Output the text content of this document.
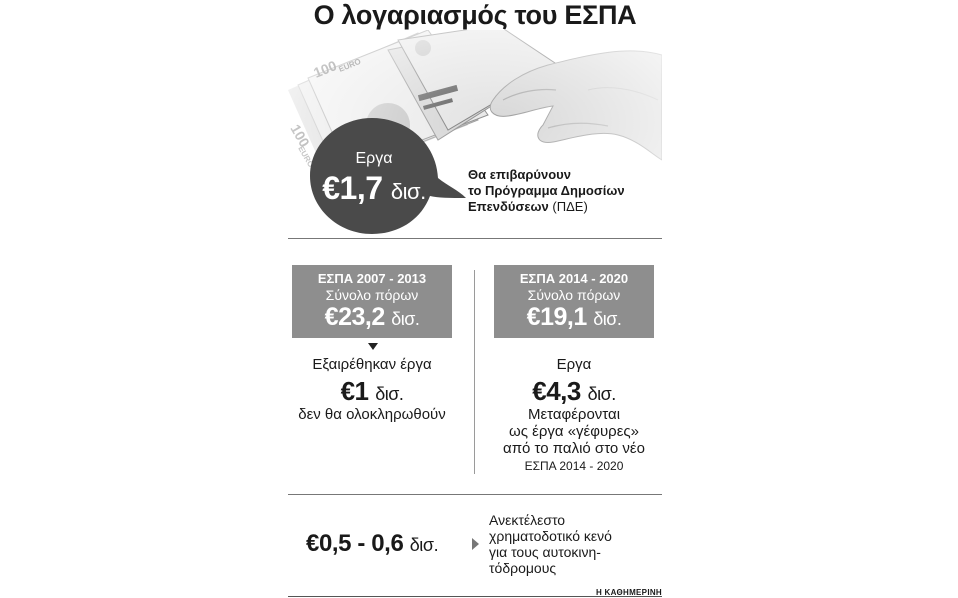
Ο λογαριασμός του ΕΣΠΑ
Εργα
€1,7 δισ.
Θα επιβαρύνουν
το Πρόγραμμα Δημοσίων
Επενδύσεων (ΠΔΕ)
ΕΣΠΑ 2007 - 2013
Σύνολο πόρων
€23,2 δισ.
Εξαιρέθηκαν έργα
€1 δισ.
δεν θα ολοκληρωθούν
ΕΣΠΑ 2014 - 2020
Σύνολο πόρων
€19,1 δισ.
Εργα
€4,3 δισ.
Μεταφέρονται
ως έργα «γέφυρες»
από το παλιό στο νέο
ΕΣΠΑ 2014 - 2020
€0,5 - 0,6 δισ.
Ανεκτέλεστο
χρηματοδοτικό κενό
για τους αυτοκινη-
τόδρομους
Η ΚΑΘΗΜΕΡΙΝΗ
